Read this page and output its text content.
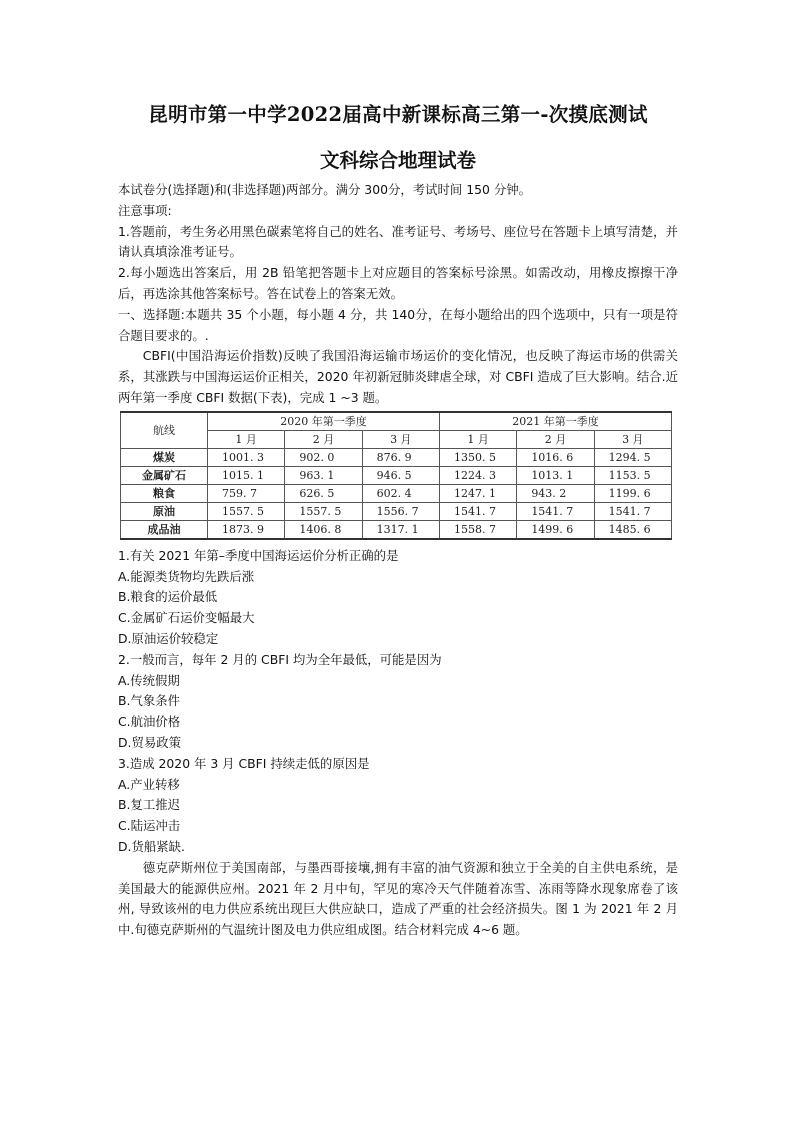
昆明市第一中学2022届高中新课标高三第一-次摸底测试
文科综合地理试卷

本试卷分(选择题)和(非选择题)两部分。满分 300分，考试时间 150 分钟。

注意事项:

1.答题前，考生务必用黑色碳素笔将自己的姓名、准考证号、考场号、座位号在答题卡上填写清楚，并请认真填涂准考证号。

2.每小题选出答案后，用 2B 铅笔把答题卡上对应题目的答案标号涂黑。如需改动，用橡皮擦擦干净后，再选涂其他答案标号。答在试卷上的答案无效。

一、选择题:本题共 35 个小题，每小题 4 分，共 140分，在每小题给出的四个选项中，只有一项是符合题目要求的。.

CBFI(中国沿海运价指数)反映了我国沿海运输市场运价的变化情况，也反映了海运市场的供需关系，其涨跌与中国海运运价正相关，2020 年初新冠肺炎肆虐全球，对 CBFI 造成了巨大影响。结合.近两年第一季度 CBFI 数据(下表)，完成 1 ~3 题。

航线	2020 年第一季度			2021 年第一季度		
	1 月	2 月	3 月	1 月	2 月	3 月
煤炭	1001. 3	902. 0	876. 9	1350. 5	1016. 6	1294. 5
金属矿石	1015. 1	963. 1	946. 5	1224. 3	1013. 1	1153. 5
粮食	759. 7	626. 5	602. 4	1247. 1	943. 2	1199. 6
原油	1557. 5	1557. 5	1556. 7	1541. 7	1541. 7	1541. 7
成品油	1873. 9	1406. 8	1317. 1	1558. 7	1499. 6	1485. 6

1.有关 2021 年第–季度中国海运运价分析正确的是

A.能源类货物均先跌后涨

B.粮食的运价最低

C.金属矿石运价变幅最大

D.原油运价较稳定

2.一般而言，每年 2 月的 CBFI 均为全年最低，可能是因为

A.传统假期

B.气象条件

C.航油价格

D.贸易政策

3.造成 2020 年 3 月 CBFI 持续走低的原因是

A.产业转移

B.复工推迟

C.陆运冲击

D.货船紧缺.

德克萨斯州位于美国南部，与墨西哥接壤,拥有丰富的油气资源和独立于全美的自主供电系统，是美国最大的能源供应州。2021 年 2 月中旬，罕见的寒冷天气伴随着冻雪、冻雨等降水现象席卷了该州, 导致该州的电力供应系统出现巨大供应缺口，造成了严重的社会经济损失。图 1 为 2021 年 2 月中.旬德克萨斯州的气温统计图及电力供应组成图。结合材料完成 4~6 题。
